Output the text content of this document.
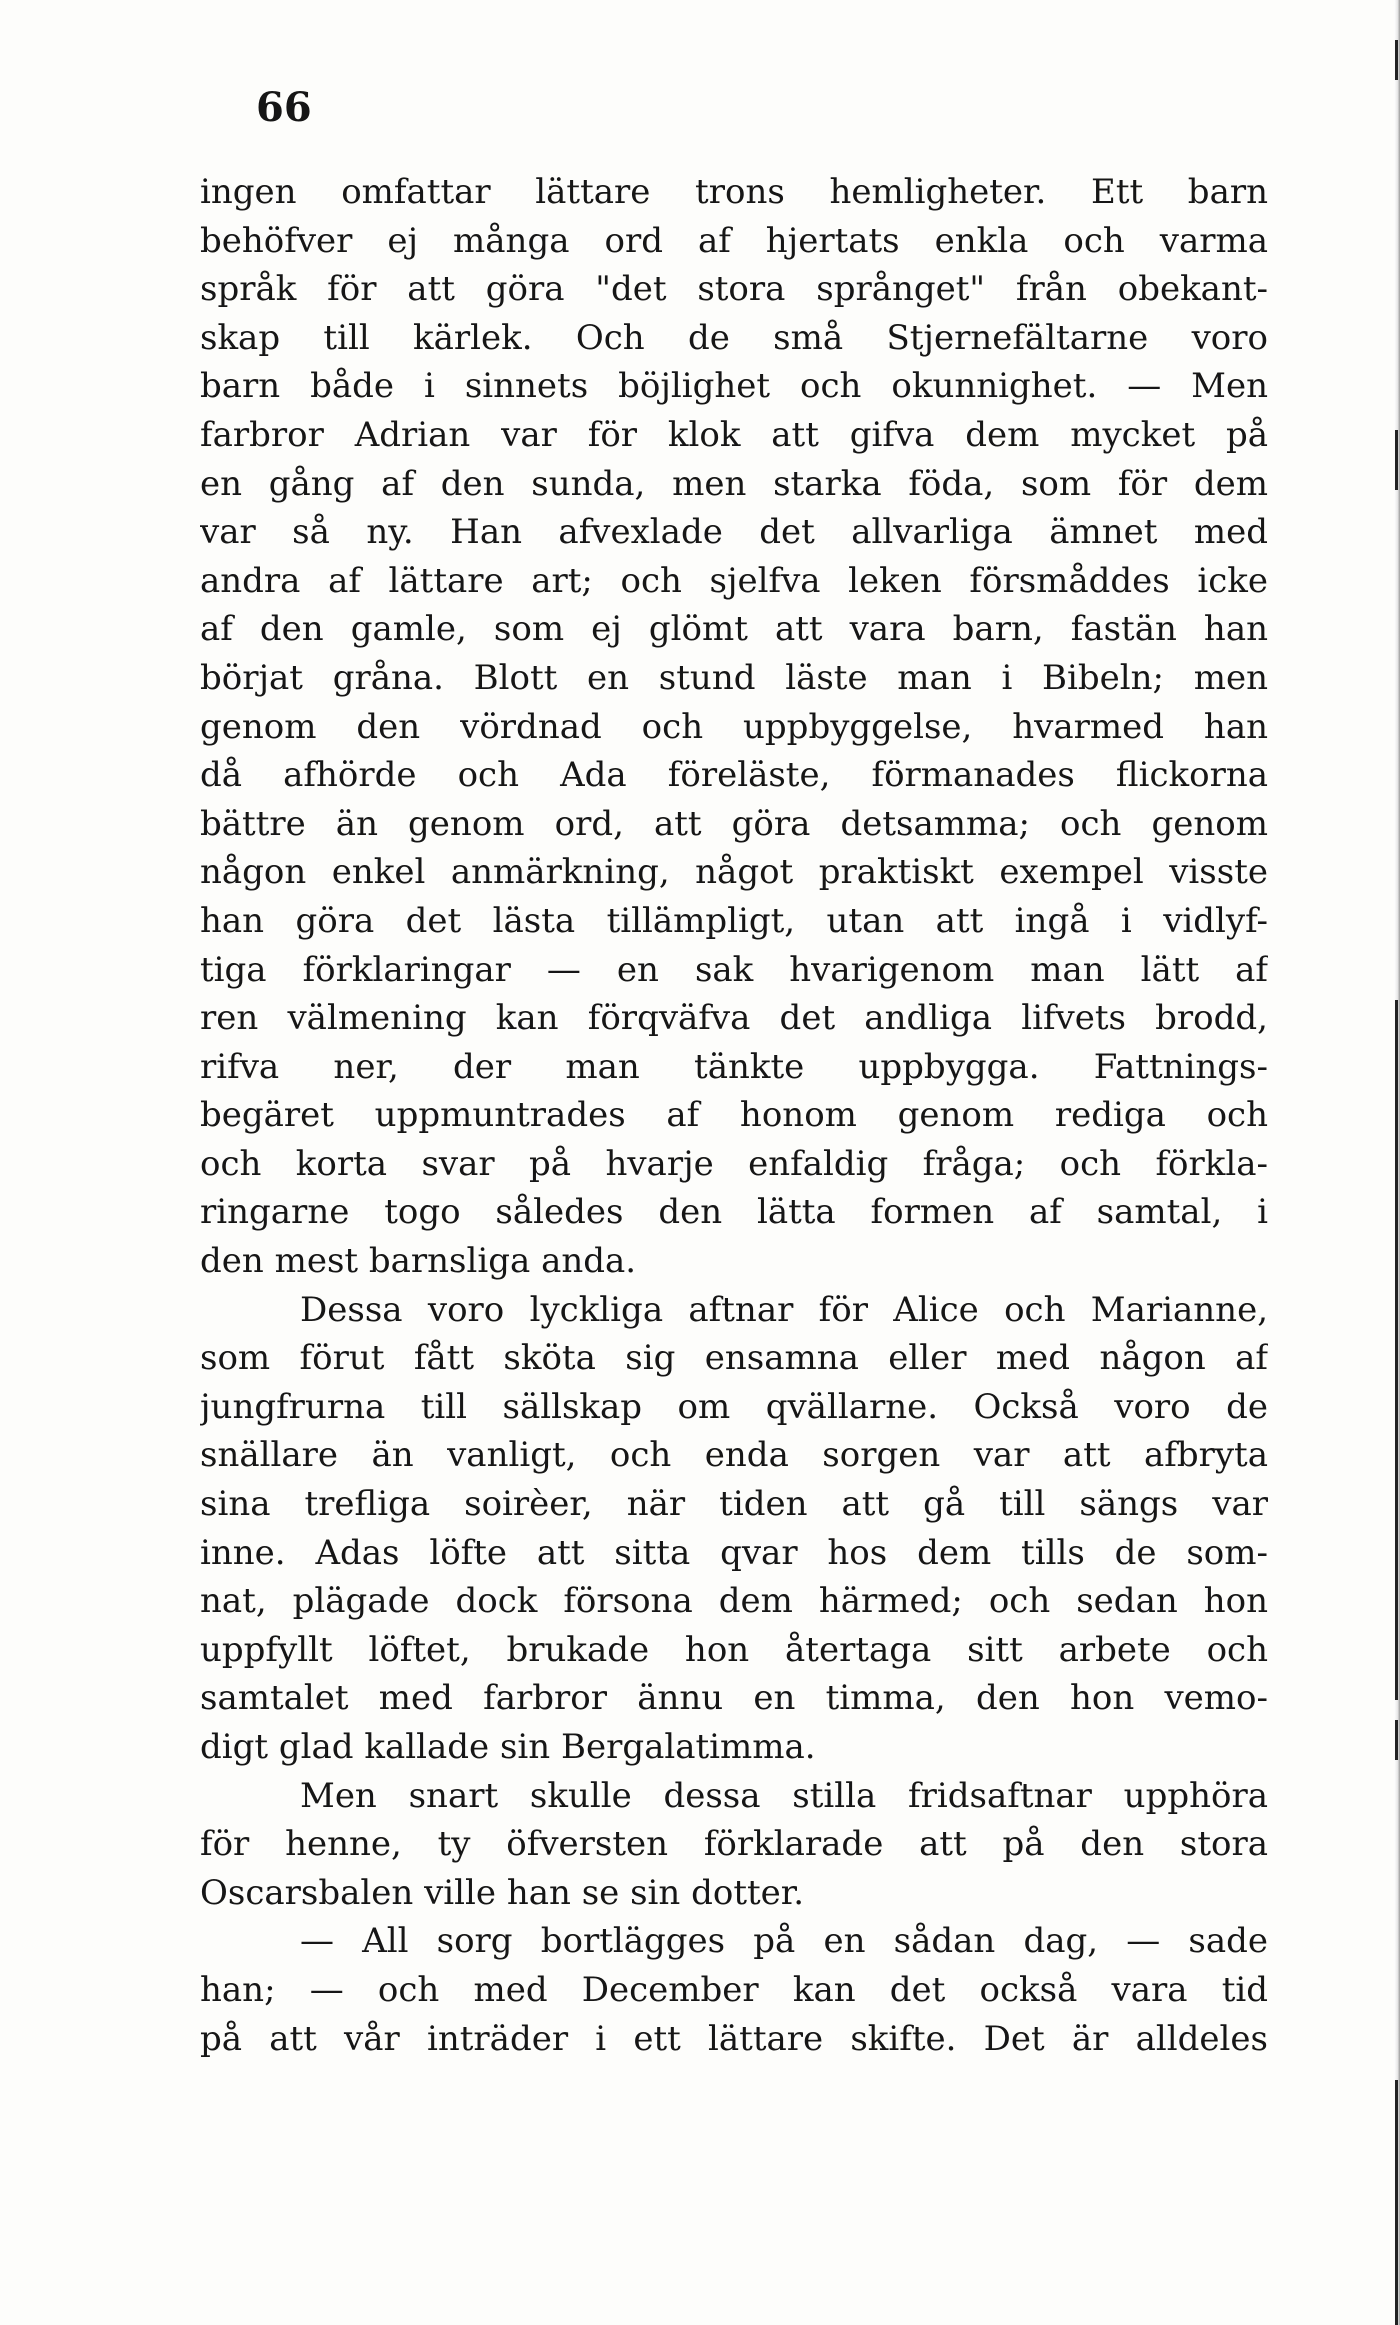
66
ingen omfattar lättare trons hemligheter. Ett barn
behöfver ej många ord af hjertats enkla och varma
språk för att göra "det stora språnget" från obekant-
skap till kärlek. Och de små Stjernefältarne voro
barn både i sinnets böjlighet och okunnighet. — Men
farbror Adrian var för klok att gifva dem mycket på
en gång af den sunda, men starka föda, som för dem
var så ny. Han afvexlade det allvarliga ämnet med
andra af lättare art; och sjelfva leken försmåddes icke
af den gamle, som ej glömt att vara barn, fastän han
börjat gråna. Blott en stund läste man i Bibeln; men
genom den vördnad och uppbyggelse, hvarmed han
då afhörde och Ada föreläste, förmanades flickorna
bättre än genom ord, att göra detsamma; och genom
någon enkel anmärkning, något praktiskt exempel visste
han göra det lästa tillämpligt, utan att ingå i vidlyf-
tiga förklaringar — en sak hvarigenom man lätt af
ren välmening kan förqväfva det andliga lifvets brodd,
rifva ner, der man tänkte uppbygga. Fattnings-
begäret uppmuntrades af honom genom rediga och
och korta svar på hvarje enfaldig fråga; och förkla-
ringarne togo således den lätta formen af samtal, i
den mest barnsliga anda.
Dessa voro lyckliga aftnar för Alice och Marianne,
som förut fått sköta sig ensamna eller med någon af
jungfrurna till sällskap om qvällarne. Också voro de
snällare än vanligt, och enda sorgen var att afbryta
sina trefliga soirèer, när tiden att gå till sängs var
inne. Adas löfte att sitta qvar hos dem tills de som-
nat, plägade dock försona dem härmed; och sedan hon
uppfyllt löftet, brukade hon återtaga sitt arbete och
samtalet med farbror ännu en timma, den hon vemo-
digt glad kallade sin Bergalatimma.
Men snart skulle dessa stilla fridsaftnar upphöra
för henne, ty öfversten förklarade att på den stora
Oscarsbalen ville han se sin dotter.
— All sorg bortlägges på en sådan dag, — sade
han; — och med December kan det också vara tid
på att vår inträder i ett lättare skifte. Det är alldeles
